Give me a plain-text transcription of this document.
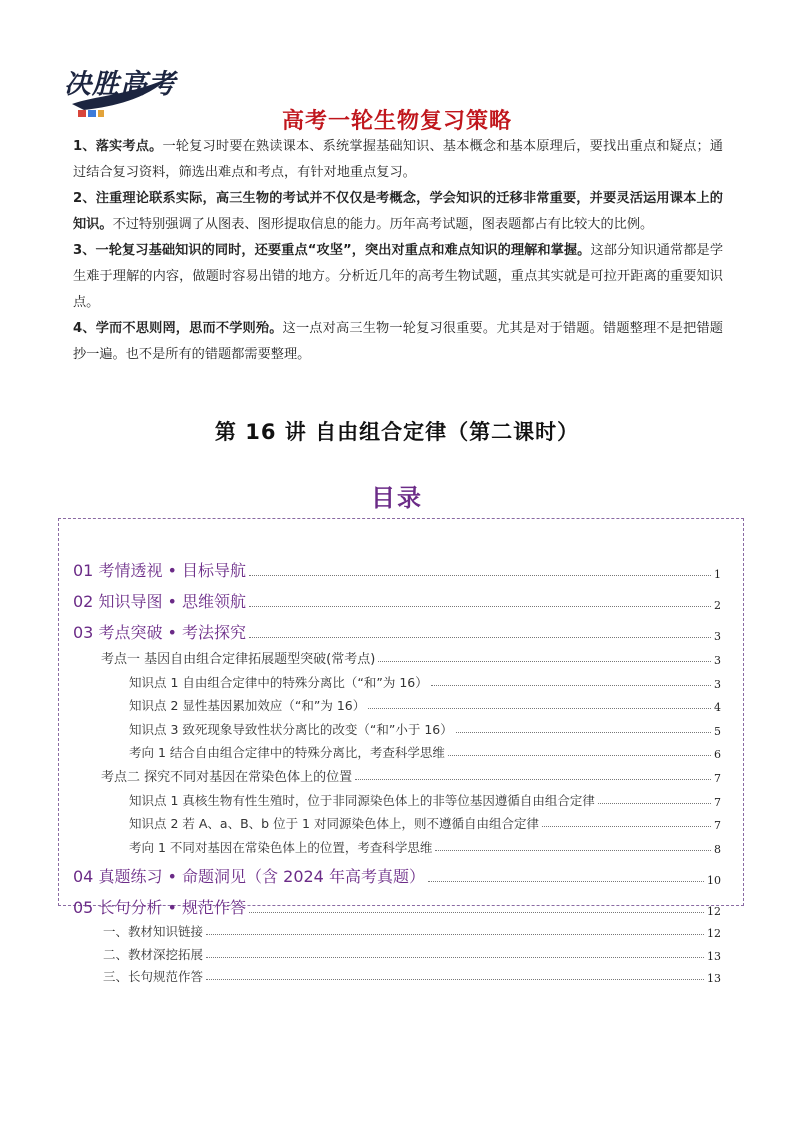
决胜高考
高考一轮生物复习策略

1、落实考点。一轮复习时要在熟读课本、系统掌握基础知识、基本概念和基本原理后，要找出重点和疑点；通过结合复习资料，筛选出难点和考点，有针对地重点复习。

2、注重理论联系实际，高三生物的考试并不仅仅是考概念，学会知识的迁移非常重要，并要灵活运用课本上的知识。不过特别强调了从图表、图形提取信息的能力。历年高考试题，图表题都占有比较大的比例。

3、一轮复习基础知识的同时，还要重点“攻坚”，突出对重点和难点知识的理解和掌握。这部分知识通常都是学生难于理解的内容，做题时容易出错的地方。分析近几年的高考生物试题，重点其实就是可拉开距离的重要知识点。

4、学而不思则罔，思而不学则殆。这一点对高三生物一轮复习很重要。尤其是对于错题。错题整理不是把错题抄一遍。也不是所有的错题都需要整理。

第 16 讲 自由组合定律（第二课时）
目录
01 考情透视 • 目标导航	1
02 知识导图 • 思维领航	2
03 考点突破 • 考法探究	3
考点一 基因自由组合定律拓展题型突破(常考点)	3
知识点 1 自由组合定律中的特殊分离比（“和”为 16）	3
知识点 2 显性基因累加效应（“和”为 16）	4
知识点 3 致死现象导致性状分离比的改变（“和”小于 16）	5
考向 1 结合自由组合定律中的特殊分离比，考查科学思维	6
考点二 探究不同对基因在常染色体上的位置	7
知识点 1 真核生物有性生殖时，位于非同源染色体上的非等位基因遵循自由组合定律	7
知识点 2 若 A、a、B、b 位于 1 对同源染色体上，则不遵循自由组合定律	7
考向 1 不同对基因在常染色体上的位置，考查科学思维	8
04 真题练习 • 命题洞见（含 2024 年高考真题）	10
05 长句分析 • 规范作答	12
一、教材知识链接	12
二、教材深挖拓展	13
三、长句规范作答	13
